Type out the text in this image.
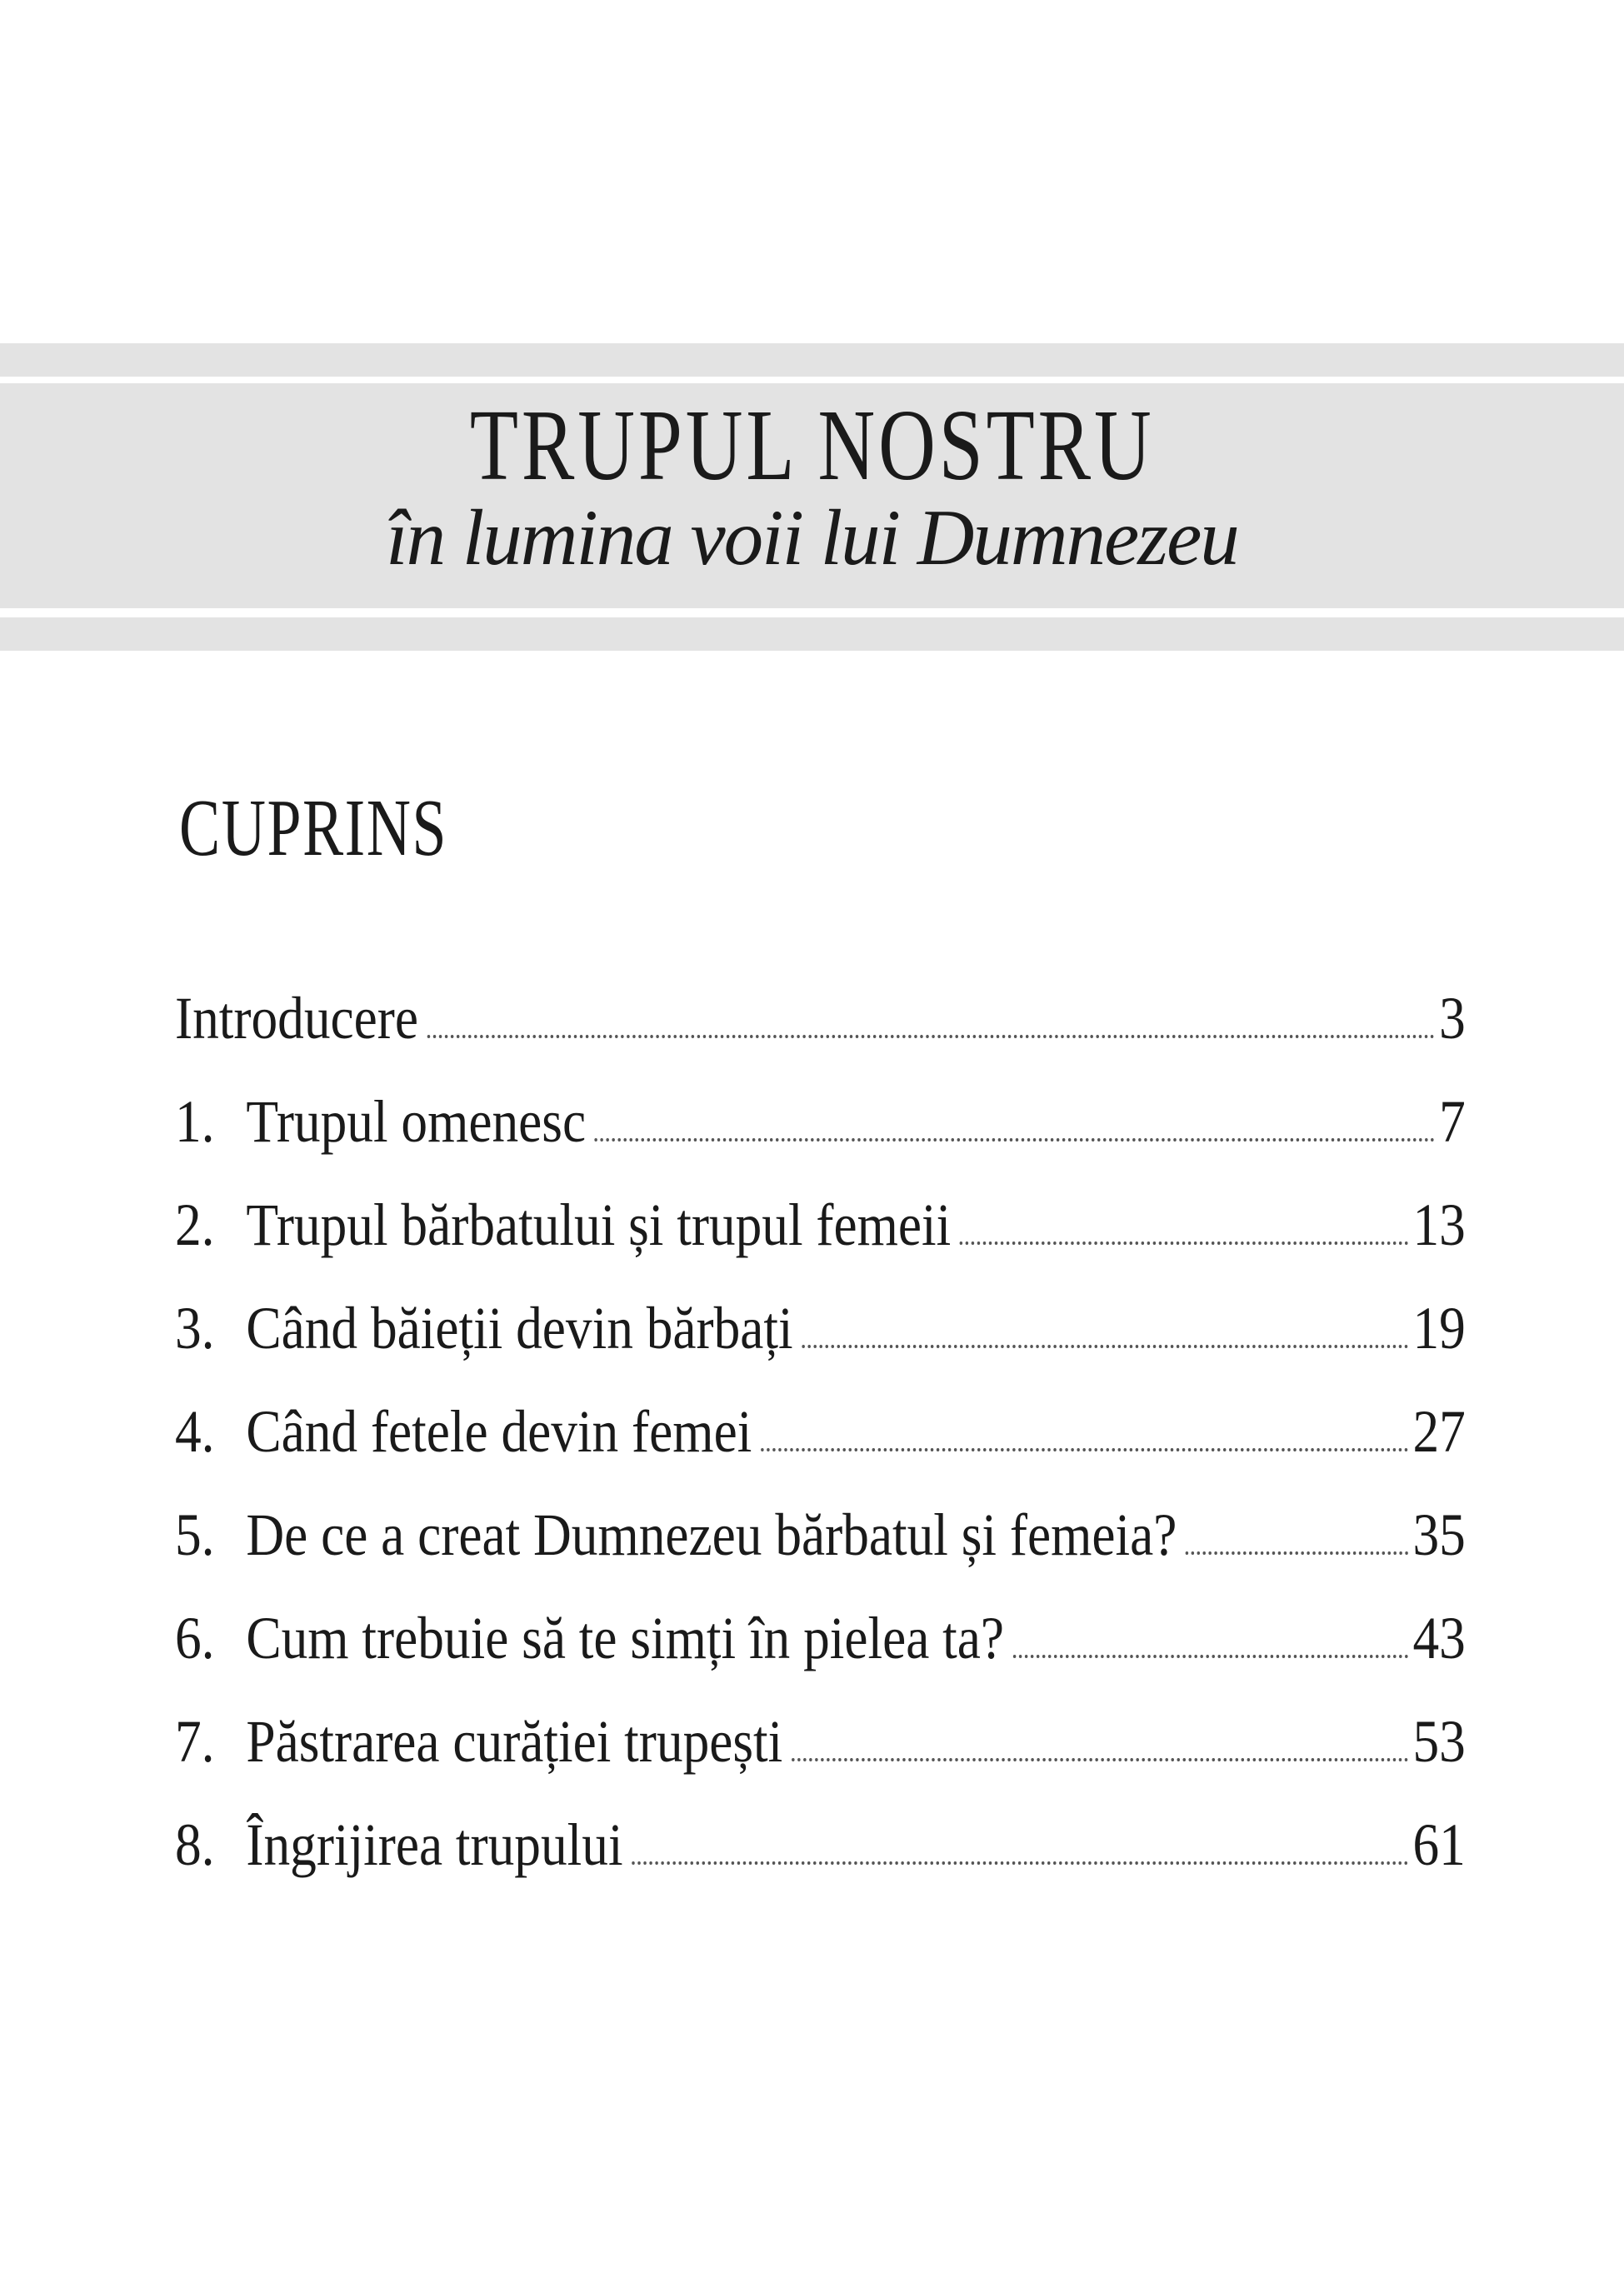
TRUPUL NOSTRU
în lumina voii lui Dumnezeu
CUPRINS
Introducere	3
1. Trupul omenesc	7
2. Trupul bărbatului și trupul femeii	13
3. Când băieții devin bărbați	19
4. Când fetele devin femei	27
5. De ce a creat Dumnezeu bărbatul și femeia?	35
6. Cum trebuie să te simți în pielea ta?	43
7. Păstrarea curăției trupești	53
8. Îngrijirea trupului	61
